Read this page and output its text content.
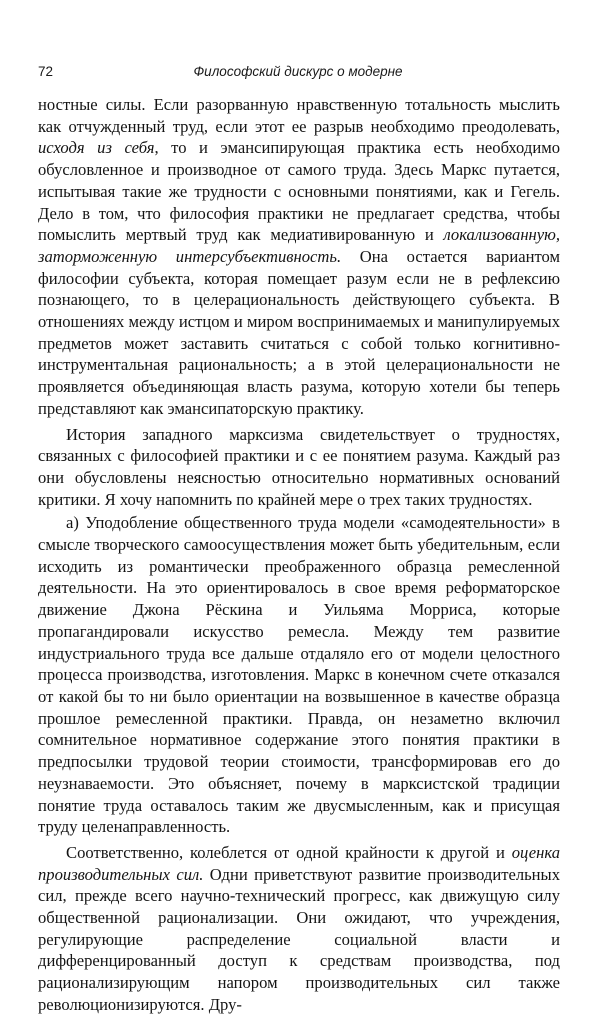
72	Философский дискурс о модерне

ностные силы. Если разорванную нравственную тотальность мыслить как отчужденный труд, если этот ее разрыв необходимо преодолевать, исходя из себя, то и эмансипирующая практика есть необходимо обусловленное и производное от самого труда. Здесь Маркс путается, испытывая такие же трудности с основными понятиями, как и Гегель. Дело в том, что философия практики не предлагает средства, чтобы помыслить мертвый труд как медиативированную и локализованную, заторможенную интерсубъективность. Она остается вариантом философии субъекта, которая помещает разум если не в рефлексию познающего, то в целерациональность действующего субъекта. В отношениях между истцом и миром воспринимаемых и манипулируемых предметов может заставить считаться с собой только когнитивно-инструментальная рациональность; а в этой целерациональности не проявляется объединяющая власть разума, которую хотели бы теперь представляют как эмансипаторскую практику.

История западного марксизма свидетельствует о трудностях, связанных с философией практики и с ее понятием разума. Каждый раз они обусловлены неясностью относительно нормативных оснований критики. Я хочу напомнить по крайней мере о трех таких трудностях.

а) Уподобление общественного труда модели «самодеятельности» в смысле творческого самоосуществления может быть убедительным, если исходить из романтически преображенного образца ремесленной деятельности. На это ориентировалось в свое время реформаторское движение Джона Рёскина и Уильяма Морриса, которые пропагандировали искусство ремесла. Между тем развитие индустриального труда все дальше отдаляло его от модели целостного процесса производства, изготовления. Маркс в конечном счете отказался от какой бы то ни было ориентации на возвышенное в качестве образца прошлое ремесленной практики. Правда, он незаметно включил сомнительное нормативное содержание этого понятия практики в предпосылки трудовой теории стоимости, трансформировав его до неузнаваемости. Это объясняет, почему в марксистской традиции понятие труда оставалось таким же двусмысленным, как и присущая труду целенаправленность.

Соответственно, колеблется от одной крайности к другой и оценка производительных сил. Одни приветствуют развитие производительных сил, прежде всего научно-технический прогресс, как движущую силу общественной рационализации. Они ожидают, что учреждения, регулирующие распределение социальной власти и дифференцированный доступ к средствам производства, под рационализирующим напором производительных сил также революционизируются. Дру-
